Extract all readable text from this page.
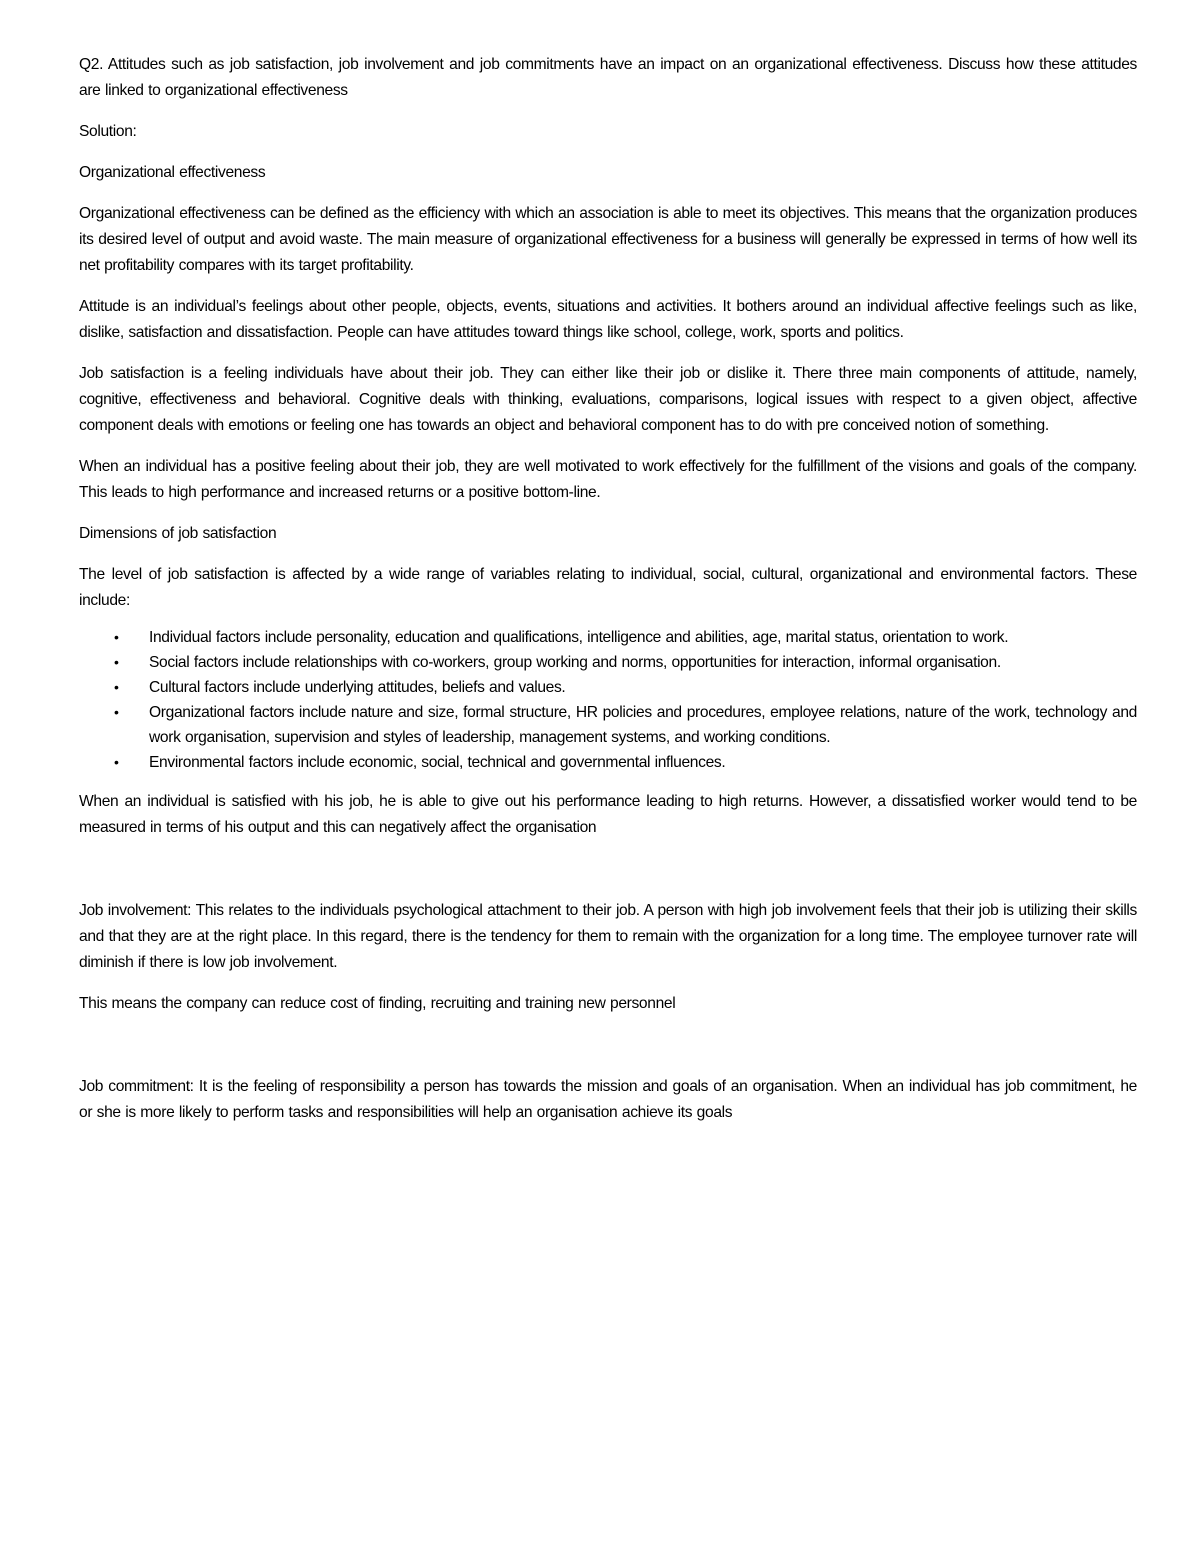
Q2. Attitudes such as job satisfaction, job involvement and job commitments have an impact on an organizational effectiveness. Discuss how these attitudes are linked to organizational effectiveness

Solution:

Organizational effectiveness

Organizational effectiveness can be defined as the efficiency with which an association is able to meet its objectives. This means that the organization produces its desired level of output and avoid waste. The main measure of organizational effectiveness for a business will generally be expressed in terms of how well its net profitability compares with its target profitability.

Attitude is an individual’s feelings about other people, objects, events, situations and activities. It bothers around an individual affective feelings such as like, dislike, satisfaction and dissatisfaction. People can have attitudes toward things like school, college, work, sports and politics.

Job satisfaction is a feeling individuals have about their job. They can either like their job or dislike it. There three main components of attitude, namely, cognitive, effectiveness and behavioral. Cognitive deals with thinking, evaluations, comparisons, logical issues with respect to a given object, affective component deals with emotions or feeling one has towards an object and behavioral component has to do with pre conceived notion of something.

When an individual has a positive feeling about their job, they are well motivated to work effectively for the fulfillment of the visions and goals of the company. This leads to high performance and increased returns or a positive bottom-line.

Dimensions of job satisfaction

The level of job satisfaction is affected by a wide range of variables relating to individual, social, cultural, organizational and environmental factors. These include:

• Individual factors include personality, education and qualifications, intelligence and abilities, age, marital status, orientation to work.
• Social factors include relationships with co-workers, group working and norms, opportunities for interaction, informal organisation.
• Cultural factors include underlying attitudes, beliefs and values.
• Organizational factors include nature and size, formal structure, HR policies and procedures, employee relations, nature of the work, technology and work organisation, supervision and styles of leadership, management systems, and working conditions.
• Environmental factors include economic, social, technical and governmental influences.

When an individual is satisfied with his job, he is able to give out his performance leading to high returns. However, a dissatisfied worker would tend to be measured in terms of his output and this can negatively affect the organisation

Job involvement: This relates to the individuals psychological attachment to their job. A person with high job involvement feels that their job is utilizing their skills and that they are at the right place. In this regard, there is the tendency for them to remain with the organization for a long time. The employee turnover rate will diminish if there is low job involvement.

This means the company can reduce cost of finding, recruiting and training new personnel

Job commitment: It is the feeling of responsibility a person has towards the mission and goals of an organisation. When an individual has job commitment, he or she is more likely to perform tasks and responsibilities will help an organisation achieve its goals
